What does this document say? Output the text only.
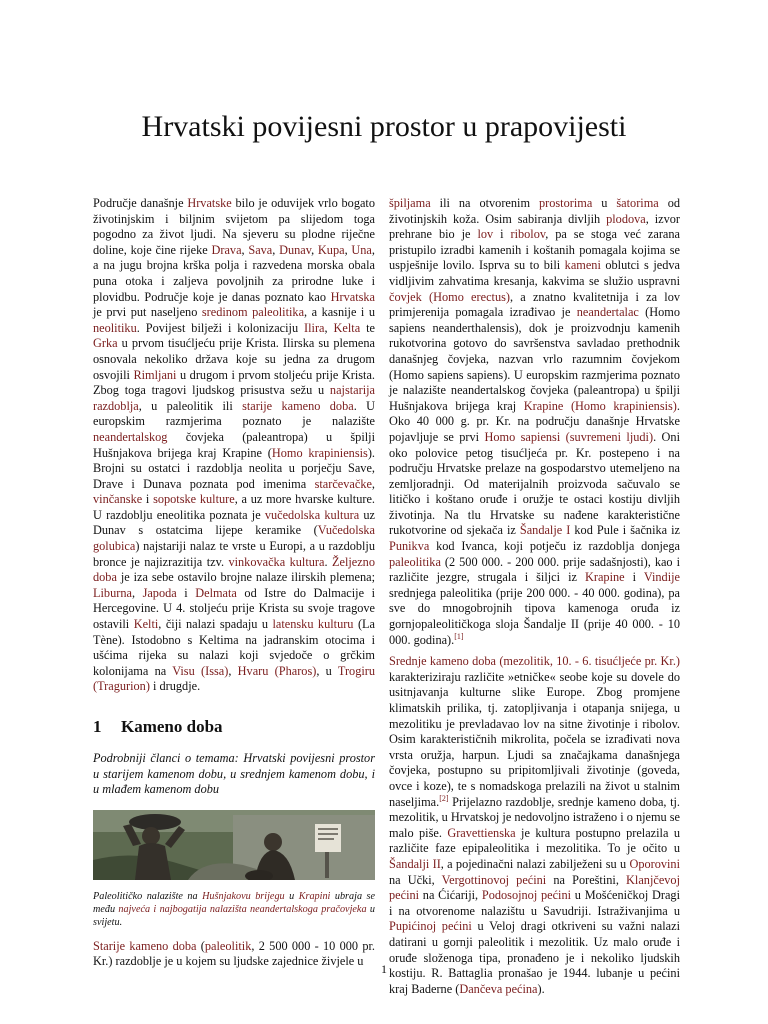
Hrvatski povijesni prostor u prapovijesti

Područje današnje Hrvatske bilo je oduvijek vrlo bogato životinjskim i biljnim svijetom pa slijedom toga pogodno za život ljudi. Na sjeveru su plodne riječne doline, koje čine rijeke Drava, Sava, Dunav, Kupa, Una, a na jugu brojna krška polja i razvedena morska obala puna otoka i zaljeva povoljnih za prirodne luke i plovidbu. Područje koje je danas poznato kao Hrvatska je prvi put naseljeno sredinom paleolitika, a kasnije i u neolitiku. Povijest bilježi i kolonizaciju Ilira, Kelta te Grka u prvom tisućljeću prije Krista. Ilirska su plemena osnovala nekoliko država koje su jedna za drugom osvojili Rimljani u drugom i prvom stoljeću prije Krista. Zbog toga tragovi ljudskog prisustva sežu u najstarija razdoblja, u paleolitik ili starije kameno doba. U europskim razmjerima poznato je nalazište neandertalskog čovjeka (paleantropa) u špilji Hušnjakova brijega kraj Krapine (Homo krapiniensis). Brojni su ostatci i razdoblja neolita u porječju Save, Drave i Dunava poznata pod imenima starčevačke, vinčanske i sopotske kulture, a uz more hvarske kulture. U razdoblju eneolitika poznata je vučedolska kultura uz Dunav s ostatcima lijepe keramike (Vučedolska golubica) najstariji nalaz te vrste u Europi, a u razdoblju bronce je najizrazitija tzv. vinkovačka kultura. Željezno doba je iza sebe ostavilo brojne nalaze ilirskih plemena; Liburna, Japoda i Delmata od Istre do Dalmacije i Hercegovine. U 4. stoljeću prije Krista su svoje tragove ostavili Kelti, čiji nalazi spadaju u latensku kulturu (La Tène). Istodobno s Keltima na jadranskim otocima i ušćima rijeka su nalazi koji svjedoče o grčkim kolonijama na Visu (Issa), Hvaru (Pharos), u Trogiru (Tragurion) i drugdje.

1 Kameno doba

Podrobniji članci o temama: Hrvatski povijesni prostor u starijem kamenom dobu, u srednjem kamenom dobu, i u mlađem kamenom dobu

Paleolitičko nalazište na Hušnjakovu brijegu u Krapini ubraja se među najveća i najbogatija nalazišta neandertalskoga pračovjeka u svijetu.

Starije kameno doba (paleolitik, 2 500 000 - 10 000 pr. Kr.) razdoblje je u kojem su ljudske zajednice živjele u

špiljama ili na otvorenim prostorima u šatorima od životinjskih koža. Osim sabiranja divljih plodova, izvor prehrane bio je lov i ribolov, pa se stoga već zarana pristupilo izradbi kamenih i koštanih pomagala kojima se uspješnije lovilo. Isprva su to bili kameni oblutci s jedva vidljivim zahvatima kresanja, kakvima se služio uspravni čovjek (Homo erectus), a znatno kvalitetnija i za lov primjerenija pomagala izrađivao je neandertalac (Homo sapiens neanderthalensis), dok je proizvodnju kamenih rukotvorina gotovo do savršenstva savladao prethodnik današnjeg čovjeka, nazvan vrlo razumnim čovjekom (Homo sapiens sapiens). U europskim razmjerima poznato je nalazište neandertalskog čovjeka (paleantropa) u špilji Hušnjakova brijega kraj Krapine (Homo krapiniensis). Oko 40 000 g. pr. Kr. na području današnje Hrvatske pojavljuje se prvi Homo sapiensi (suvremeni ljudi). Oni oko polovice petog tisućljeća pr. Kr. postepeno i na području Hrvatske prelaze na gospodarstvo utemeljeno na zemljoradnji. Od materijalnih proizvoda sačuvalo se litičko i koštano oruđe i oružje te ostaci kostiju divljih životinja. Na tlu Hrvatske su nađene karakteristične rukotvorine od sjekača iz Šandalje I kod Pule i šačnika iz Punikva kod Ivanca, koji potječu iz razdoblja donjega paleolitika (2 500 000. - 200 000. prije sadašnjosti), kao i različite jezgre, strugala i šiljci iz Krapine i Vindije srednjega paleolitika (prije 200 000. - 40 000. godina), pa sve do mnogobrojnih tipova kamenoga oruđa iz gornjopaleolitičkoga sloja Šandalje II (prije 40 000. - 10 000. godina).[1]

Srednje kameno doba (mezolitik, 10. - 6. tisućljeće pr. Kr.) karakteriziraju različite »etničke« seobe koje su dovele do usitnjavanja kulturne slike Europe. Zbog promjene klimatskih prilika, tj. zatopljivanja i otapanja snijega, u mezolitiku je prevladavao lov na sitne životinje i ribolov. Osim karakterističnih mikrolita, počela se izrađivati nova vrsta oružja, harpun. Ljudi sa značajkama današnjega čovjeka, postupno su pripitomljivali životinje (goveda, ovce i koze), te s nomadskoga prelazili na život u stalnim naseljima.[2] Prijelazno razdoblje, srednje kameno doba, tj. mezolitik, u Hrvatskoj je nedovoljno istraženo i o njemu se malo piše. Gravettienska je kultura postupno prelazila u različite faze epipaleolitika i mezolitika. To je očito u Šandalji II, a pojedinačni nalazi zabilježeni su u Oporovini na Učki, Vergottinovoj pećini na Poreštini, Klanjčevoj pećini na Ćićariji, Podosojnoj pećini u Mošćeničkoj Dragi i na otvorenome nalazištu u Savudriji. Istraživanjima u Pupićinoj pećini u Veloj dragi otkriveni su važni nalazi datirani u gornji paleolitik i mezolitik. Uz malo oruđe i oruđe složenoga tipa, pronađeno je i nekoliko ljudskih kostiju. R. Battaglia pronašao je 1944. lubanje u pećini kraj Baderne (Dančeva pećina).

1
